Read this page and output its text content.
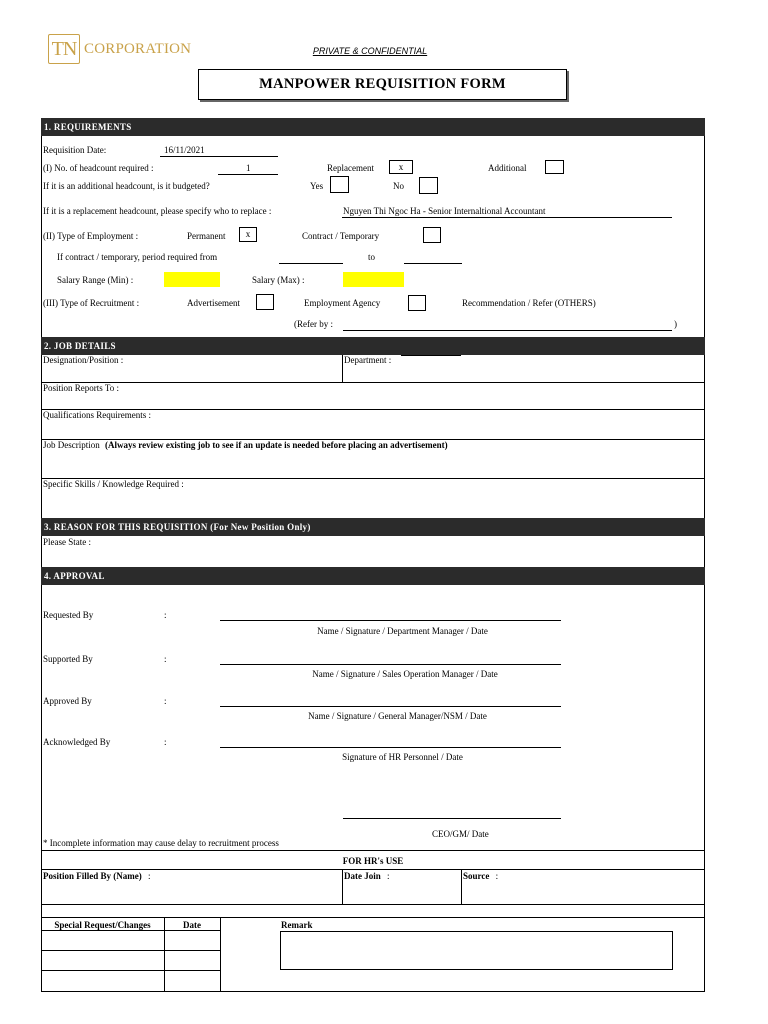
TN CORPORATION	PRIVATE & CONFIDENTIAL
MANPOWER REQUISITION FORM
1. REQUIREMENTS
Requisition Date:	16/11/2021
(I) No. of headcount required :	1	Replacement	x	Additional
If it is an additional headcount, is it budgeted?	Yes	No
If it is a replacement headcount, please specify who to replace :	Nguyen Thi Ngoc Ha - Senior Internaltional Accountant
(II) Type of Employment :	Permanent	x	Contract / Temporary
If contract / temporary, period required from	to
Salary Range (Min) :	Salary (Max) :
(III) Type of Recruitment :	Advertisement	Employment Agency	Recommendation / Refer (OTHERS)
(Refer by :	)
2. JOB DETAILS
Designation/Position :	Department :
Position Reports To :
Qualifications Requirements :
Job Description (Always review existing job to see if an update is needed before placing an advertisement)
Specific Skills / Knowledge Required :
3. REASON FOR THIS REQUISITION (For New Position Only)
Please State :
4. APPROVAL
Requested By	:
Name / Signature / Department Manager / Date
Supported By	:
Name / Signature / Sales Operation Manager / Date
Approved By	:
Name / Signature / General Manager/NSM / Date
Acknowledged By	:
Signature of HR Personnel / Date
CEO/GM/ Date
* Incomplete information may cause delay to recruitment process
FOR HR's USE
Position Filled By (Name) :	Date Join :	Source :
Special Request/Changes	Date	Remark
